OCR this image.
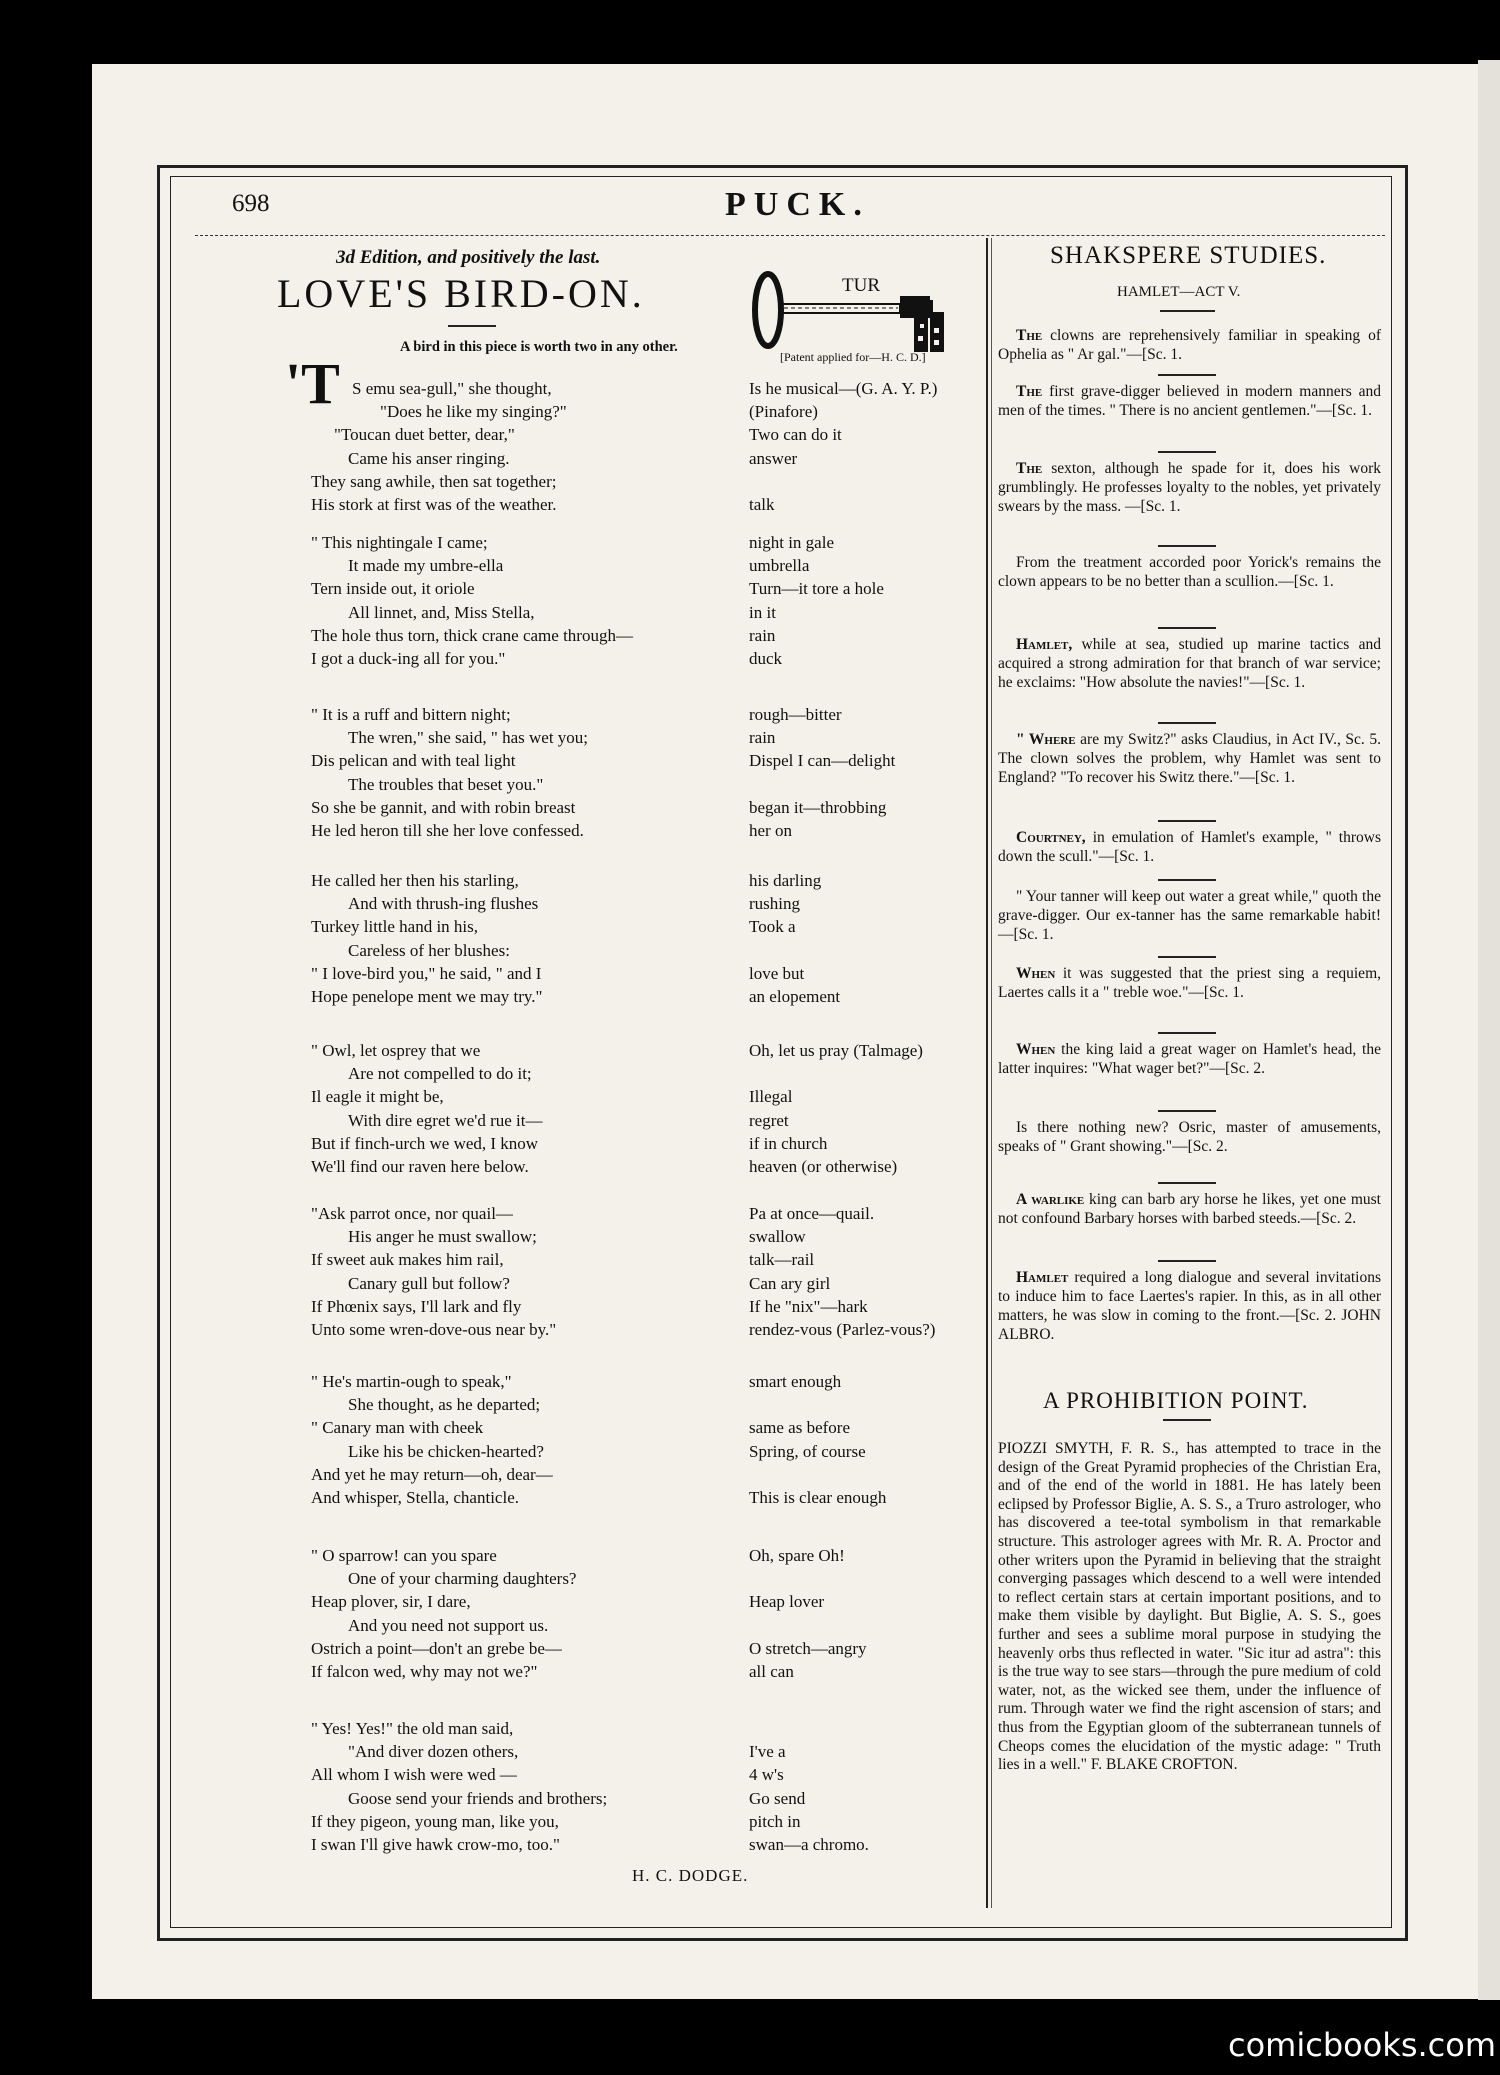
698	PUCK.
3d Edition, and positively the last.
LOVE'S BIRD-ON.
A bird in this piece is worth two in any other.
TUR
[Patent applied for—H. C. D.]
'T S emu sea-gull," she thought,	Is he musical—(G. A. Y. P.)
"Does he like my singing?"	(Pinafore)
"Toucan duet better, dear,"	Two can do it
Came his anser ringing.	answer
They sang awhile, then sat together;
His stork at first was of the weather.	talk
" This nightingale I came;	night in gale
It made my umbre-ella	umbrella
Tern inside out, it oriole	Turn—it tore a hole
All linnet, and, Miss Stella,	in it
The hole thus torn, thick crane came through—	rain
I got a duck-ing all for you."	duck
" It is a ruff and bittern night;	rough—bitter
The wren," she said, " has wet you;	rain
Dis pelican and with teal light	Dispel I can—delight
The troubles that beset you."
So she be gannit, and with robin breast	began it—throbbing
He led heron till she her love confessed.	her on
He called her then his starling,	his darling
And with thrush-ing flushes	rushing
Turkey little hand in his,	Took a
Careless of her blushes:
" I love-bird you," he said, " and I	love but
Hope penelope ment we may try."	an elopement
" Owl, let osprey that we	Oh, let us pray (Talmage)
Are not compelled to do it;
Il eagle it might be,	Illegal
With dire egret we'd rue it—	regret
But if finch-urch we wed, I know	if in church
We'll find our raven here below.	heaven (or otherwise)
"Ask parrot once, nor quail—	Pa at once—quail.
His anger he must swallow;	swallow
If sweet auk makes him rail,	talk—rail
Canary gull but follow?	Can ary girl
If Phœnix says, I'll lark and fly	If he "nix"—hark
Unto some wren-dove-ous near by."	rendez-vous (Parlez-vous?)
" He's martin-ough to speak,"	smart enough
She thought, as he departed;
" Canary man with cheek	same as before
Like his be chicken-hearted?	Spring, of course
And yet he may return—oh, dear—
And whisper, Stella, chanticle.	This is clear enough
" O sparrow! can you spare	Oh, spare Oh!
One of your charming daughters?
Heap plover, sir, I dare,	Heap lover
And you need not support us.
Ostrich a point—don't an grebe be—	O stretch—angry
If falcon wed, why may not we?"	all can
" Yes! Yes!" the old man said,
"And diver dozen others,	I've a
All whom I wish were wed —	4 w's
Goose send your friends and brothers;	Go send
If they pigeon, young man, like you,	pitch in
I swan I'll give hawk crow-mo, too."	swan—a chromo.
H. C. DODGE.
SHAKSPERE STUDIES.
HAMLET—ACT V.
The clowns are reprehensively familiar in speaking of Ophelia as " Ar gal."—[Sc. 1.
The first grave-digger believed in modern manners and men of the times. " There is no ancient gentlemen."—[Sc. 1.
The sexton, although he spade for it, does his work grumblingly. He professes loyalty to the nobles, yet privately swears by the mass. —[Sc. 1.
From the treatment accorded poor Yorick's remains the clown appears to be no better than a scullion.—[Sc. 1.
Hamlet, while at sea, studied up marine tactics and acquired a strong admiration for that branch of war service; he exclaims: "How absolute the navies!"—[Sc. 1.
" Where are my Switz?" asks Claudius, in Act IV., Sc. 5. The clown solves the problem, why Hamlet was sent to England? "To recover his Switz there."—[Sc. 1.
Courtney, in emulation of Hamlet's example, " throws down the scull."—[Sc. 1.
" Your tanner will keep out water a great while," quoth the grave-digger. Our ex-tanner has the same remarkable habit!—[Sc. 1.
When it was suggested that the priest sing a requiem, Laertes calls it a " treble woe."—[Sc. 1.
When the king laid a great wager on Hamlet's head, the latter inquires: "What wager bet?"—[Sc. 2.
Is there nothing new? Osric, master of amusements, speaks of " Grant showing."—[Sc. 2.
A warlike king can barb ary horse he likes, yet one must not confound Barbary horses with barbed steeds.—[Sc. 2.
Hamlet required a long dialogue and several invitations to induce him to face Laertes's rapier. In this, as in all other matters, he was slow in coming to the front.—[Sc. 2. JOHN ALBRO.
A PROHIBITION POINT.
PIOZZI SMYTH, F. R. S., has attempted to trace in the design of the Great Pyramid prophecies of the Christian Era, and of the end of the world in 1881. He has lately been eclipsed by Professor Biglie, A. S. S., a Truro astrologer, who has discovered a tee-total symbolism in that remarkable structure. This astrologer agrees with Mr. R. A. Proctor and other writers upon the Pyramid in believing that the straight converging passages which descend to a well were intended to reflect certain stars at certain important positions, and to make them visible by daylight. But Biglie, A. S. S., goes further and sees a sublime moral purpose in studying the heavenly orbs thus reflected in water. "Sic itur ad astra": this is the true way to see stars—through the pure medium of cold water, not, as the wicked see them, under the influence of rum. Through water we find the right ascension of stars; and thus from the Egyptian gloom of the subterranean tunnels of Cheops comes the elucidation of the mystic adage: " Truth lies in a well." F. BLAKE CROFTON.
comicbooks.com
